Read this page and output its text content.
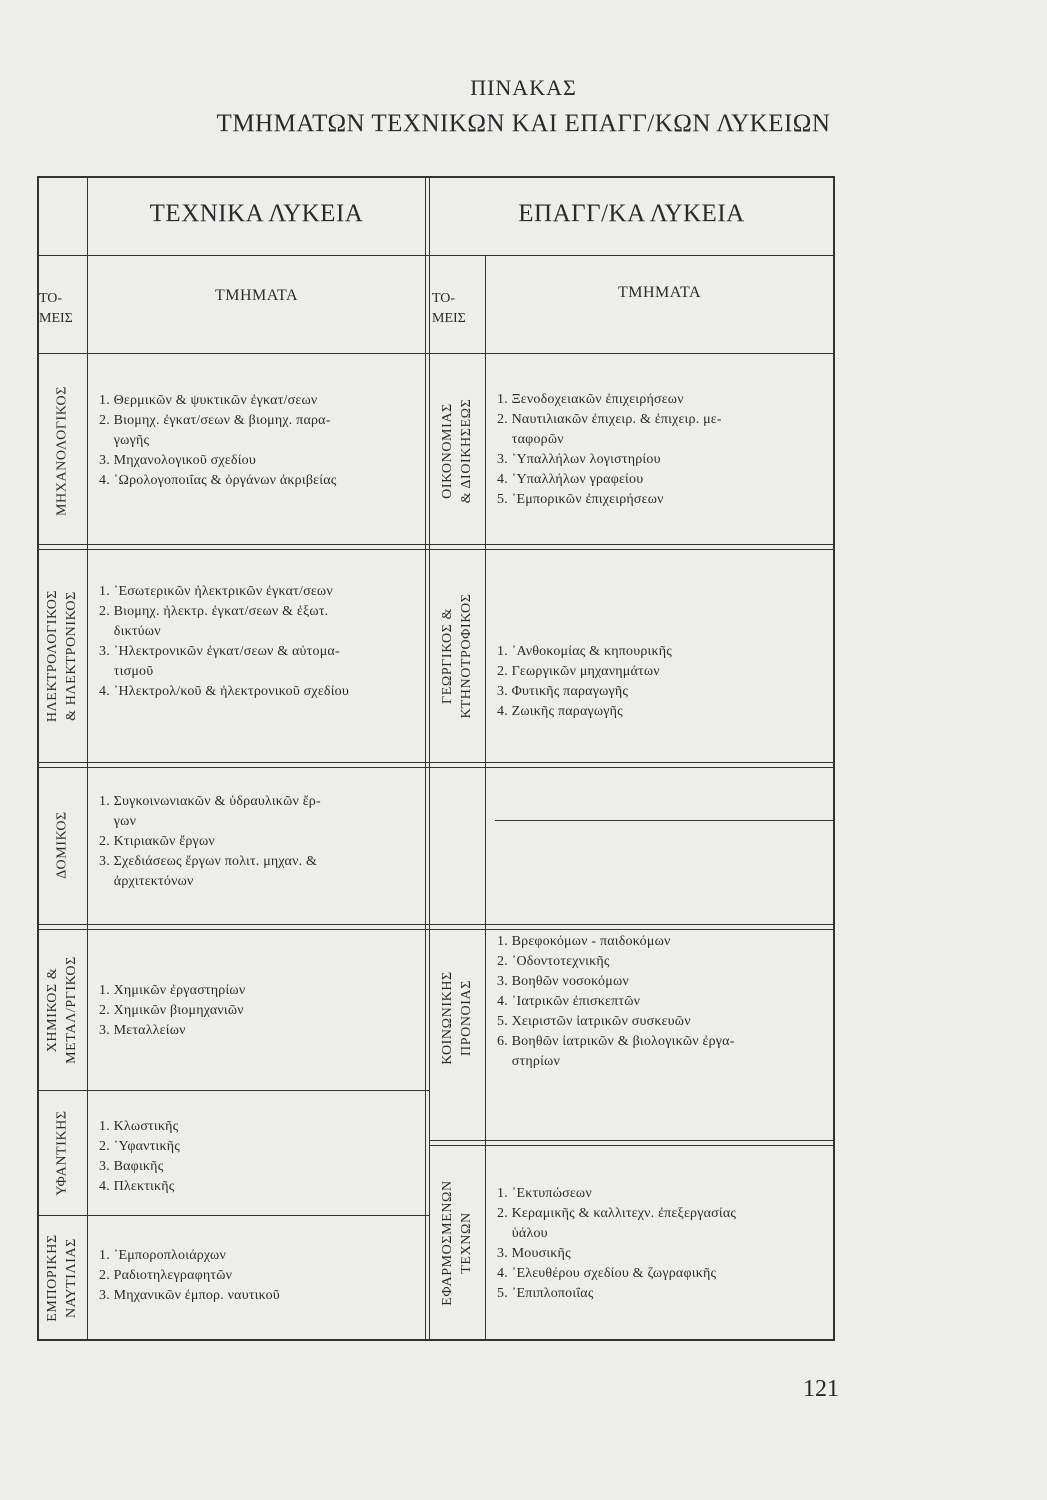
ΠΙΝΑΚΑΣ
ΤΜΗΜΑΤΩΝ ΤΕΧΝΙΚΩΝ ΚΑΙ ΕΠΑΓΓ/ΚΩΝ ΛΥΚΕΙΩΝ
ΤΕΧΝΙΚΑ ΛΥΚΕΙΑ	ΕΠΑΓΓ/ΚΑ ΛΥΚΕΙΑ
ΤΟ-
ΜΕΙΣ
ΤΜΗΜΑΤΑ	ΤΟ-
ΜΕΙΣ
ΤΜΗΜΑΤΑ
ΜΗΧΑΝΟΛΟΓΙΚΟΣ 1. Θερμικῶν & ψυκτικῶν ἐγκατ/σεων
2. Βιομηχ. ἐγκατ/σεων & βιομηχ. παρα-
γωγῆς
3. Μηχανολογικοῦ σχεδίου
4. ῾Ωρολογοποιΐας & ὀργάνων ἀκριβείας
ΗΛΕΚΤΡΟΛΟΓΙΚΟΣ
& ΗΛΕΚΤΡΟΝΙΚΟΣ 1. ᾿Εσωτερικῶν ἠλεκτρικῶν ἐγκατ/σεων
2. Βιομηχ. ἠλεκτρ. ἐγκατ/σεων & ἐξωτ.
δικτύων
3. ᾿Ηλεκτρονικῶν ἐγκατ/σεων & αὐτομα-
τισμοῦ
4. ᾿Ηλεκτρολ/κοῦ & ἠλεκτρονικοῦ σχεδίου
ΔΟΜΙΚΟΣ
1. Συγκοινωνιακῶν & ὑδραυλικῶν ἔρ-
γων
2. Κτιριακῶν ἔργων
3. Σχεδιάσεως ἔργων πολιτ. μηχαν. &
ἀρχιτεκτόνων
ΧΗΜΙΚΟΣ &
ΜΕΤΑΛ/ΡΓΙΚΟΣ 1. Χημικῶν ἐργαστηρίων
2. Χημικῶν βιομηχανιῶν
3. Μεταλλείων
ΥΦΑΝΤΙΚΗΣ 1. Κλωστικῆς
2. ῾Υφαντικῆς
3. Βαφικῆς
4. Πλεκτικῆς
ΕΜΠΟΡΙΚΗΣ
ΝΑΥΤΙΛΙΑΣ 1. ᾿Εμποροπλοιάρχων
2. Ραδιοτηλεγραφητῶν
3. Μηχανικῶν ἐμπορ. ναυτικοῦ
ΟΙΚΟΝΟΜΙΑΣ
& ΔΙΟΙΚΗΣΕΩΣ 1. Ξενοδοχειακῶν ἐπιχειρήσεων
2. Ναυτιλιακῶν ἐπιχειρ. & ἐπιχειρ. με-
ταφορῶν
3. ῾Υπαλλήλων λογιστηρίου
4. ῾Υπαλλήλων γραφείου
5. ᾿Εμπορικῶν ἐπιχειρήσεων
ΓΕΩΡΓΙΚΟΣ &
ΚΤΗΝΟΤΡΟΦΙΚΟΣ 1. ᾿Ανθοκομίας & κηπουρικῆς
2. Γεωργικῶν μηχανημάτων
3. Φυτικῆς παραγωγῆς
4. Ζωικῆς παραγωγῆς
ΚΟΙΝΩΝΙΚΗΣ
ΠΡΟΝΟΙΑΣ
1. Βρεφοκόμων - παιδοκόμων
2. ᾿Οδοντοτεχνικῆς
3. Βοηθῶν νοσοκόμων
4. ᾿Ιατρικῶν ἐπισκεπτῶν
5. Χειριστῶν ἰατρικῶν συσκευῶν
6. Βοηθῶν ἰατρικῶν & βιολογικῶν ἐργα-
στηρίων
ΕΦΑΡΜΟΣΜΕΝΩΝ
ΤΕΧΝΩΝ
1. ᾿Εκτυπώσεων
2. Κεραμικῆς & καλλιτεχν. ἐπεξεργασίας
ὑάλου
3. Μουσικῆς
4. ᾿Ελευθέρου σχεδίου & ζωγραφικῆς
5. ᾿Επιπλοποιΐας
121
